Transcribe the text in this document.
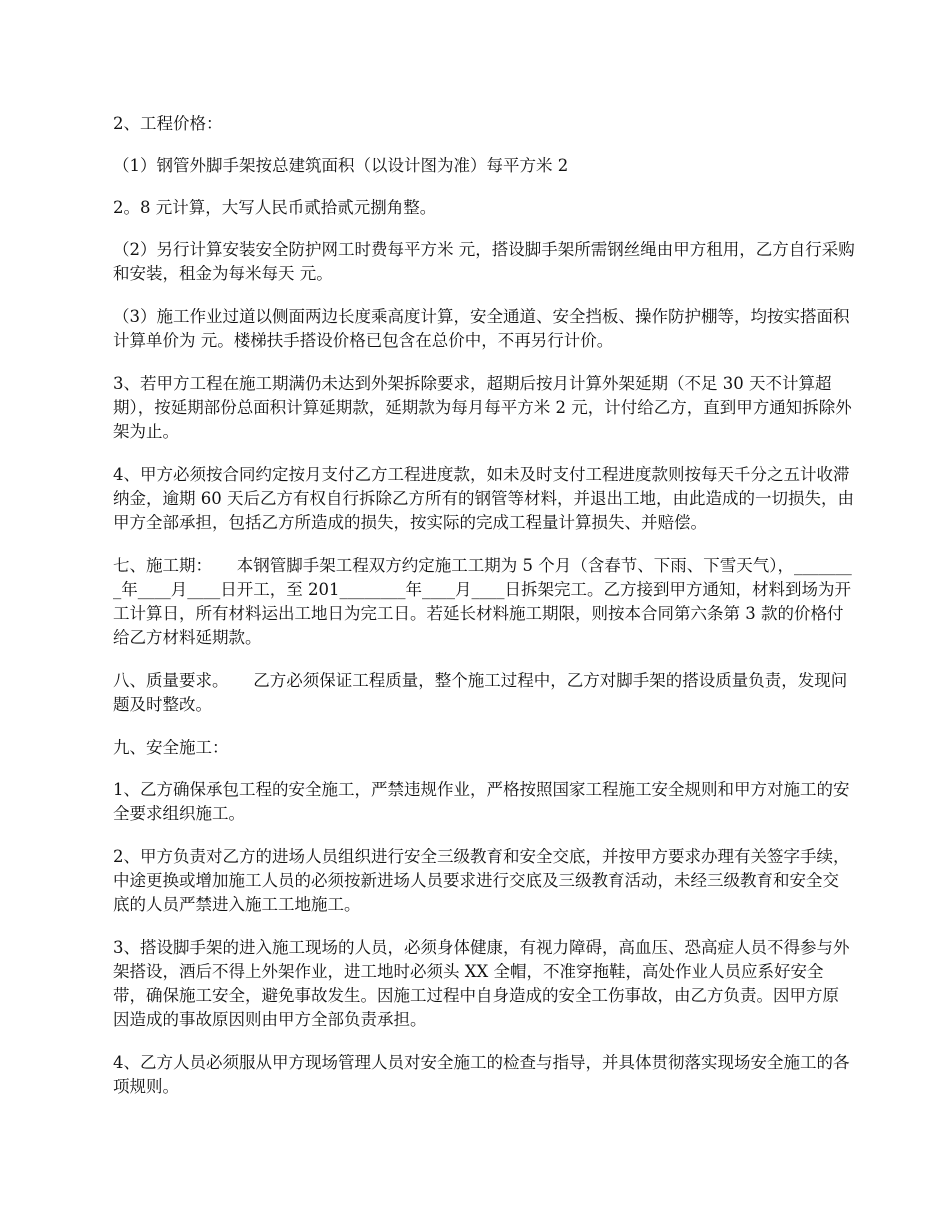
2、工程价格：

（1）钢管外脚手架按总建筑面积（以设计图为准）每平方米 2

2。8 元计算，大写人民币贰拾贰元捌角整。

（2）另行计算安装安全防护网工时费每平方米 元，搭设脚手架所需钢丝绳由甲方租用，乙方自行采购和安装，租金为每米每天 元。

（3）施工作业过道以侧面两边长度乘高度计算，安全通道、安全挡板、操作防护棚等，均按实搭面积计算单价为 元。楼梯扶手搭设价格已包含在总价中，不再另行计价。

3、若甲方工程在施工期满仍未达到外架拆除要求，超期后按月计算外架延期（不足 30 天不计算超期），按延期部份总面积计算延期款，延期款为每月每平方米 2 元，计付给乙方，直到甲方通知拆除外架为止。

4、甲方必须按合同约定按月支付乙方工程进度款，如未及时支付工程进度款则按每天千分之五计收滞纳金，逾期 60 天后乙方有权自行拆除乙方所有的钢管等材料，并退出工地，由此造成的一切损失，由甲方全部承担，包括乙方所造成的损失，按实际的完成工程量计算损失、并赔偿。

七、施工期：　　本钢管脚手架工程双方约定施工工期为 5 个月（含春节、下雨、下雪天气），________年____月____日开工，至 201________年____月____日拆架完工。乙方接到甲方通知，材料到场为开工计算日，所有材料运出工地日为完工日。若延长材料施工期限，则按本合同第六条第 3 款的价格付给乙方材料延期款。

八、质量要求。　　乙方必须保证工程质量，整个施工过程中，乙方对脚手架的搭设质量负责，发现问题及时整改。

九、安全施工：

1、乙方确保承包工程的安全施工，严禁违规作业，严格按照国家工程施工安全规则和甲方对施工的安全要求组织施工。

2、甲方负责对乙方的进场人员组织进行安全三级教育和安全交底，并按甲方要求办理有关签字手续，中途更换或增加施工人员的必须按新进场人员要求进行交底及三级教育活动，未经三级教育和安全交底的人员严禁进入施工工地施工。

3、搭设脚手架的进入施工现场的人员，必须身体健康，有视力障碍，高血压、恐高症人员不得参与外架搭设，酒后不得上外架作业，进工地时必须头 XX 全帽，不准穿拖鞋，高处作业人员应系好安全带，确保施工安全，避免事故发生。因施工过程中自身造成的安全工伤事故，由乙方负责。因甲方原因造成的事故原因则由甲方全部负责承担。

4、乙方人员必须服从甲方现场管理人员对安全施工的检查与指导，并具体贯彻落实现场安全施工的各项规则。
